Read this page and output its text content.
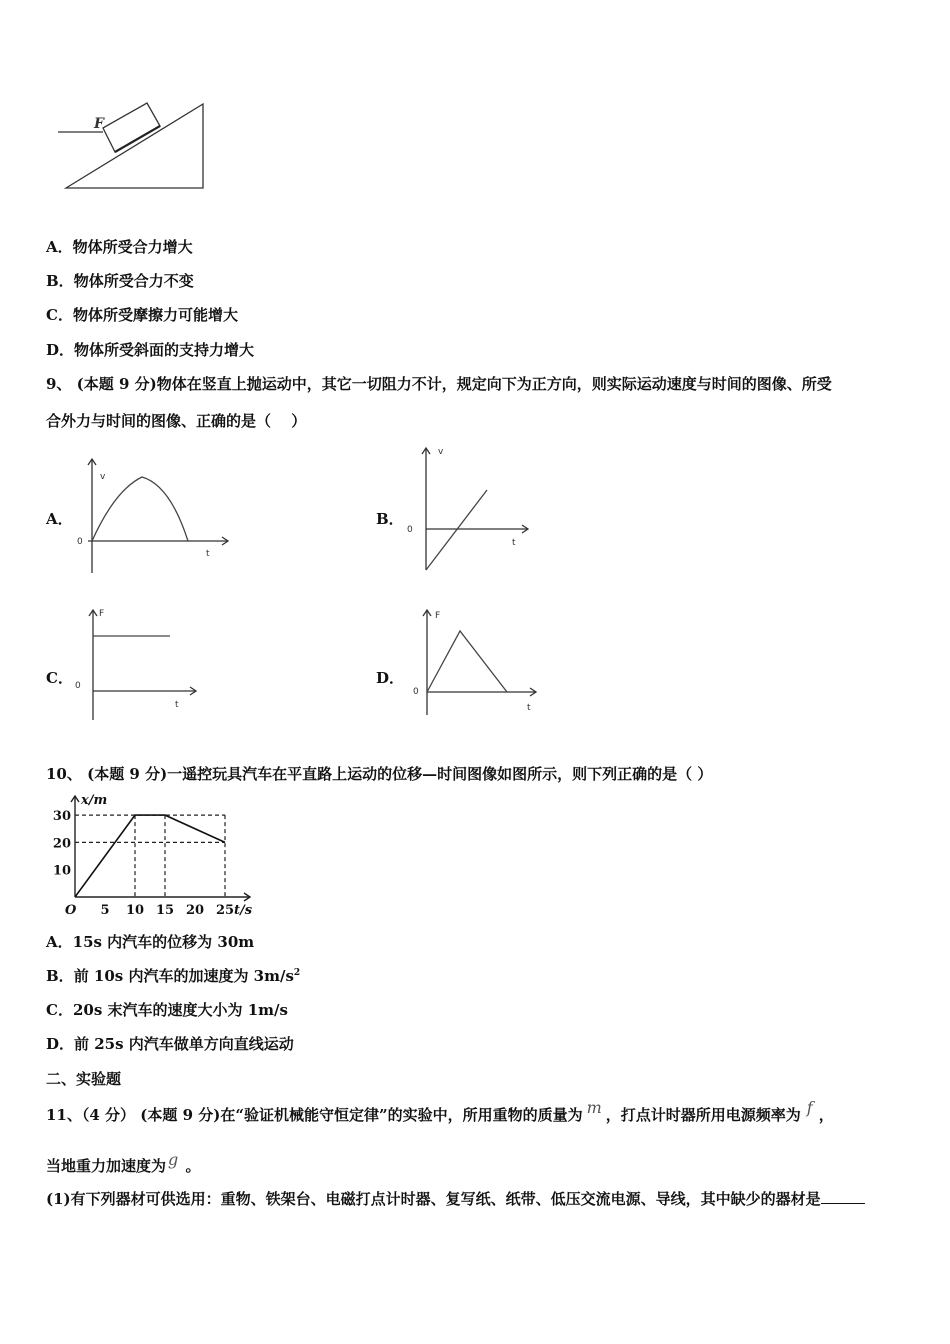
F
A．物体所受合力增大
B．物体所受合力不变
C．物体所受摩擦力可能增大
D．物体所受斜面的支持力增大
9、 (本题 9 分)物体在竖直上抛运动中，其它一切阻力不计，规定向下为正方向，则实际运动速度与时间的图像、所受
合外力与时间的图像、正确的是（　 ）
A．
v
0
t
B．
v
0
t
C．
F
0
t
D．
F
0
t
10、 (本题 9 分)一遥控玩具汽车在平直路上运动的位移—时间图像如图所示，则下列正确的是（ ）
x/m
t/s
O 5 10 15 20 25
10
20
30
A．15s 内汽车的位移为 30m
B．前 10s 内汽车的加速度为 $3m/s^2$
C．20s 末汽车的速度大小为 1m/s
D．前 25s 内汽车做单方向直线运动
二、实验题
11、（4 分） (本题 9 分)在“验证机械能守恒定律”的实验中，所用重物的质量为 m ，打点计时器所用电源频率为 f ，
当地重力加速度为 g 。
(1)有下列器材可供选用：重物、铁架台、电磁打点计时器、复写纸、纸带、低压交流电源、导线，其中缺少的器材是
